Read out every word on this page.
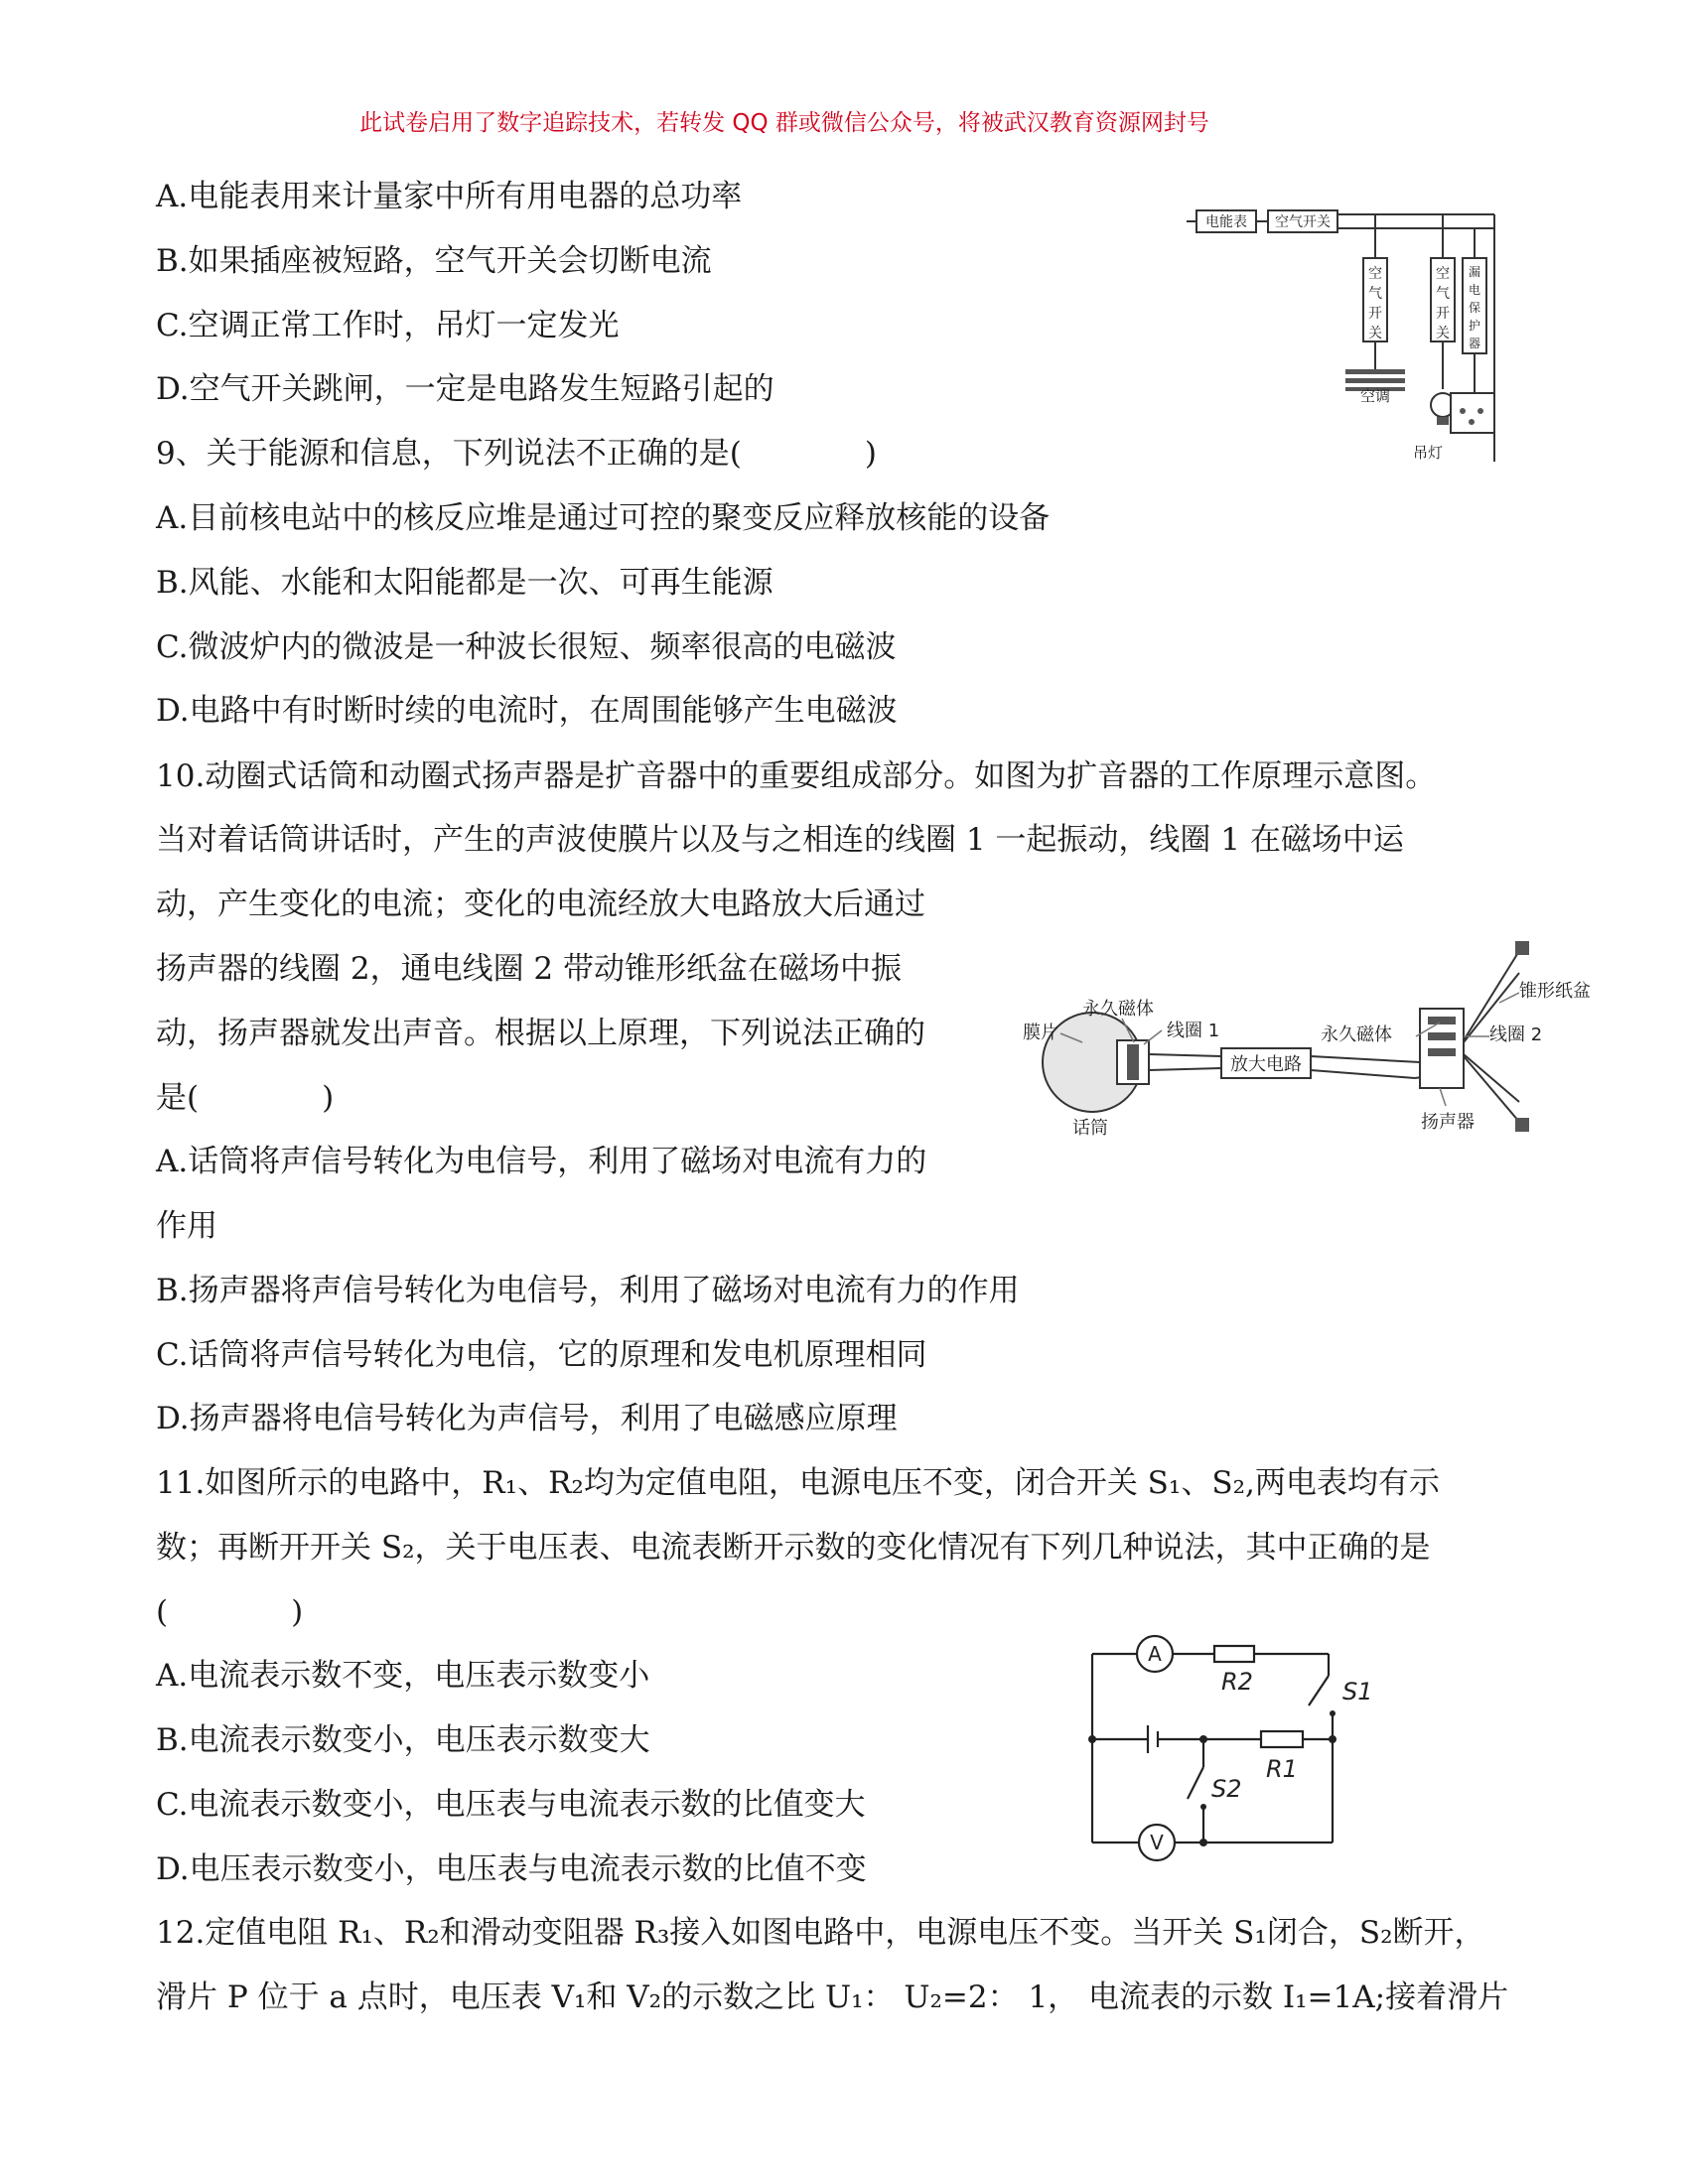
此试卷启用了数字追踪技术，若转发 QQ 群或微信公众号，将被武汉教育资源网封号
A.电能表用来计量家中所有用电器的总功率
B.如果插座被短路，空气开关会切断电流
C.空调正常工作时，吊灯一定发光
D.空气开关跳闸，一定是电路发生短路引起的
电能表 空气开关
空
气
开
关
空
气
开
关
漏
电
保
护
器
空调
吊灯
9、关于能源和信息，下列说法不正确的是(　　　　)
A.目前核电站中的核反应堆是通过可控的聚变反应释放核能的设备
B.风能、水能和太阳能都是一次、可再生能源
C.微波炉内的微波是一种波长很短、频率很高的电磁波
D.电路中有时断时续的电流时，在周围能够产生电磁波
10.动圈式话筒和动圈式扬声器是扩音器中的重要组成部分。如图为扩音器的工作原理示意图。
当对着话筒讲话时，产生的声波使膜片以及与之相连的线圈 1 一起振动，线圈 1 在磁场中运
动，产生变化的电流；变化的电流经放大电路放大后通过
扬声器的线圈 2，通电线圈 2 带动锥形纸盆在磁场中振
动，扬声器就发出声音。根据以上原理，下列说法正确的
是(　　　　)
A.话筒将声信号转化为电信号，利用了磁场对电流有力的
作用
B.扬声器将声信号转化为电信号，利用了磁场对电流有力的作用
C.话筒将声信号转化为电信，它的原理和发电机原理相同
D.扬声器将电信号转化为声信号，利用了电磁感应原理
膜片
永久磁体
线圈 1
放大电路
永久磁体	线圈 2
锥形纸盆
话筒	扬声器
11.如图所示的电路中，R₁、R₂均为定值电阻，电源电压不变，闭合开关 S₁、S₂,两电表均有示
数；再断开开关 S₂，关于电压表、电流表断开示数的变化情况有下列几种说法，其中正确的是
(　　　　)
A.电流表示数不变，电压表示数变小
B.电流表示数变小，电压表示数变大
C.电流表示数变小，电压表与电流表示数的比值变大
D.电压表示数变小，电压表与电流表示数的比值不变
A
V
R2
R1
S1
S2
12.定值电阻 R₁、R₂和滑动变阻器 R₃接入如图电路中，电源电压不变。当开关 S₁闭合，S₂断开，
滑片 P 位于 a 点时，电压表 V₁和 V₂的示数之比 U₁： U₂=2： 1， 电流表的示数 I₁=1A;接着滑片
